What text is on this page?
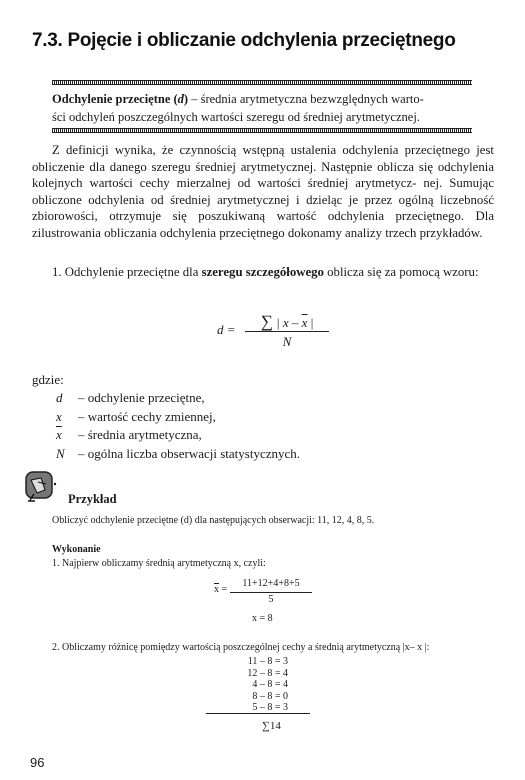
7.3. Pojęcie i obliczanie odchylenia przeciętnego
Odchylenie przeciętne (d) – średnia arytmetyczna bezwzględnych warto-
ści odchyleń poszczególnych wartości szeregu od średniej arytmetycznej.
Z definicji wynika, że czynnością wstępną ustalenia odchylenia przeciętnego jest obliczenie dla danego szeregu średniej arytmetycznej. Następnie oblicza się odchylenia kolejnych wartości cechy mierzalnej od wartości średniej arytmetycz- nej. Sumując obliczone odchylenia od średniej arytmetycznej i dzieląc je przez ogólną liczebność zbiorowości, otrzymuje się poszukiwaną wartość odchylenia przeciętnego. Dla zilustrowania obliczania odchylenia przeciętnego dokonamy analizy trzech przykładów.
1. Odchylenie przeciętne dla szeregu szczegółowego oblicza się za pomocą wzoru:
d =	∑ | x – $\overline{x}$ |
N
gdzie:
d – odchylenie przeciętne,
x – wartość cechy zmiennej,
$\overline{x}$ – średnia arytmetyczna,
N – ogólna liczba obserwacji statystycznych.
Przykład
Obliczyć odchylenie przeciętne (d) dla następujących obserwacji: 11, 12, 4, 8, 5.
Wykonanie
1. Najpierw obliczamy średnią arytmetyczną x, czyli:
$\overline{x}$ =
11+12+4+8+5
5
x = 8
2. Obliczamy różnicę pomiędzy wartością poszczególnej cechy a średnią arytmetyczną |x– x |:
11 – 8 = 3
12 – 8 = 4
4 – 8 = 4
8 – 8 = 0
5 – 8 = 3
∑14
96
